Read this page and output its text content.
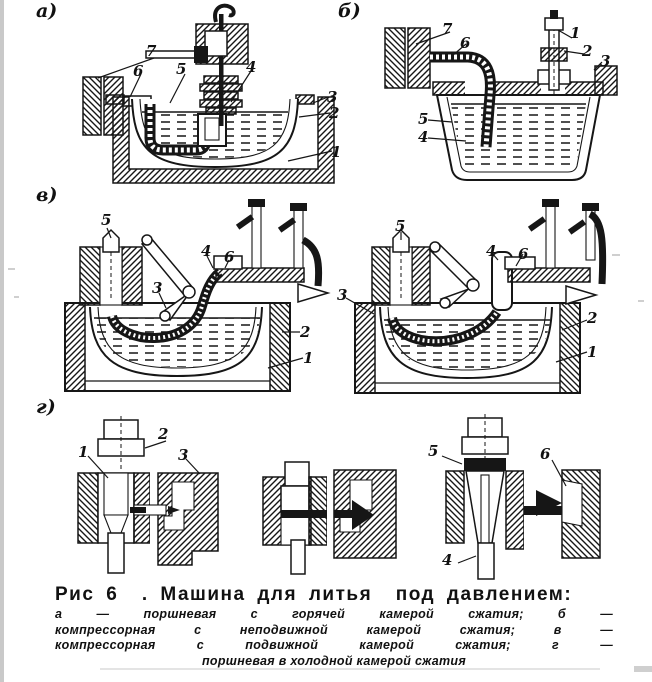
а)	б)
в)
г)
7
6 5	4
3
2
1
7
6
1
2
3
5
4
5
3
4 6
2
1
5
3
4 6
2
1
2
1	3	5	6
4
Рис 6  . Машина для литья  под давлением:
а — поршневая с горячей камерой сжатия; б —
компрессорная с неподвижной камерой сжатия; в —
компрессорная с подвижной камерой сжатия; г —
поршневая в холодной камерой сжатия
